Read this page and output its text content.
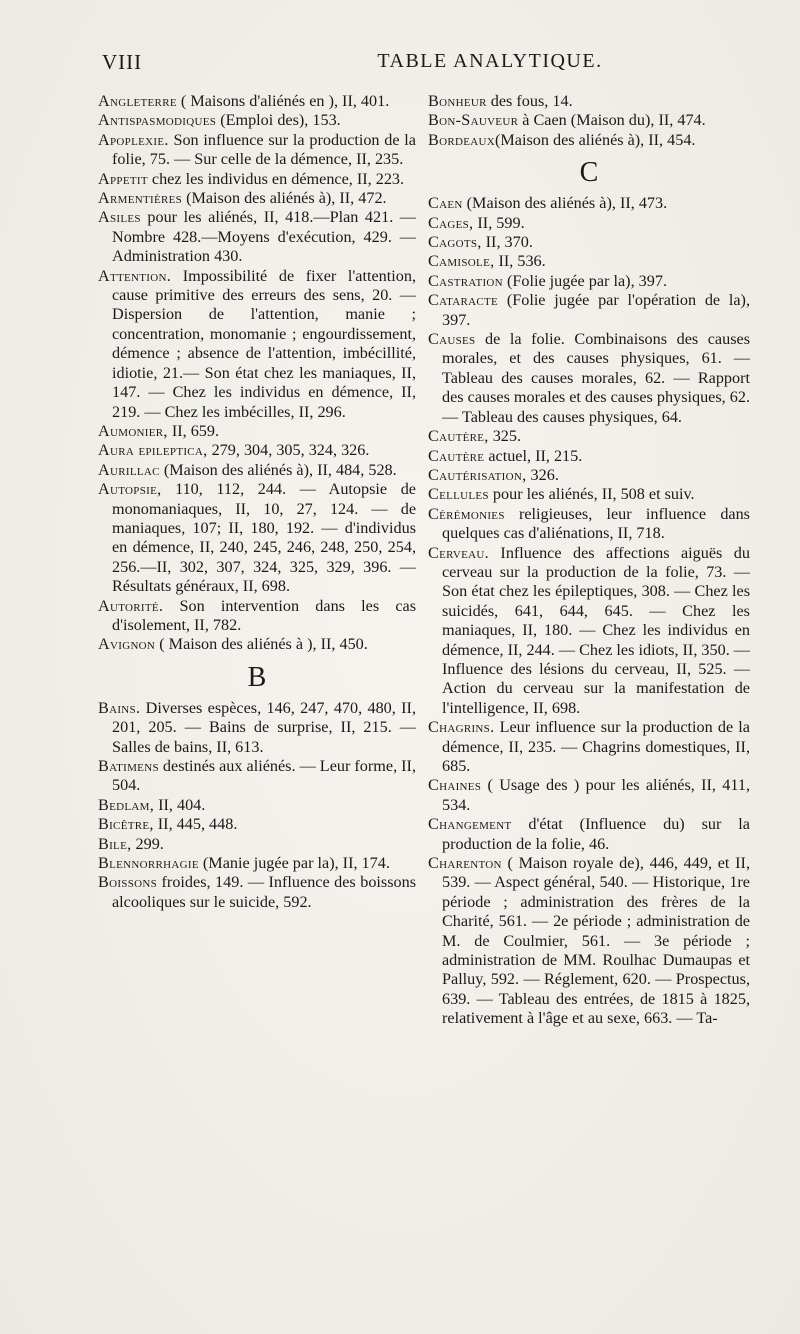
VIII	TABLE ANALYTIQUE.

Angleterre ( Maisons d'aliénés en ), II, 401.

Antispasmodiques (Emploi des), 153.

Apoplexie. Son influence sur la production de la folie, 75. — Sur celle de la démence, II, 235.

Appetit chez les individus en démence, II, 223.

Armentières (Maison des aliénés à), II, 472.

Asiles pour les aliénés, II, 418.—Plan 421. — Nombre 428.—Moyens d'exécution, 429. — Administration 430.

Attention. Impossibilité de fixer l'attention, cause primitive des erreurs des sens, 20. — Dispersion de l'attention, manie ; concentration, monomanie ; engourdissement, démence ; absence de l'attention, imbécillité, idiotie, 21.— Son état chez les maniaques, II, 147. — Chez les individus en démence, II, 219. — Chez les imbécilles, II, 296.

Aumonier, II, 659.

Aura epileptica, 279, 304, 305, 324, 326.

Aurillac (Maison des aliénés à), II, 484, 528.

Autopsie, 110, 112, 244. — Autopsie de monomaniaques, II, 10, 27, 124. — de maniaques, 107; II, 180, 192. — d'individus en démence, II, 240, 245, 246, 248, 250, 254, 256.—II, 302, 307, 324, 325, 329, 396. — Résultats généraux, II, 698.

Autorité. Son intervention dans les cas d'isolement, II, 782.

Avignon ( Maison des aliénés à ), II, 450.

B

Bains. Diverses espèces, 146, 247, 470, 480, II, 201, 205. — Bains de surprise, II, 215. — Salles de bains, II, 613.

Batimens destinés aux aliénés. — Leur forme, II, 504.

Bedlam, II, 404.

Bicêtre, II, 445, 448.

Bile, 299.

Blennorrhagie (Manie jugée par la), II, 174.

Boissons froides, 149. — Influence des boissons alcooliques sur le suicide, 592.

Bonheur des fous, 14.

Bon-Sauveur à Caen (Maison du), II, 474.

Bordeaux(Maison des aliénés à), II, 454.

C

Caen (Maison des aliénés à), II, 473.

Cages, II, 599.

Cagots, II, 370.

Camisole, II, 536.

Castration (Folie jugée par la), 397.

Cataracte (Folie jugée par l'opération de la), 397.

Causes de la folie. Combinaisons des causes morales, et des causes physiques, 61. — Tableau des causes morales, 62. — Rapport des causes morales et des causes physiques, 62. — Tableau des causes physiques, 64.

Cautère, 325.

Cautère actuel, II, 215.

Cautérisation, 326.

Cellules pour les aliénés, II, 508 et suiv.

Cérémonies religieuses, leur influence dans quelques cas d'aliénations, II, 718.

Cerveau. Influence des affections aiguës du cerveau sur la production de la folie, 73. — Son état chez les épileptiques, 308. — Chez les suicidés, 641, 644, 645. — Chez les maniaques, II, 180. — Chez les individus en démence, II, 244. — Chez les idiots, II, 350. — Influence des lésions du cerveau, II, 525. — Action du cerveau sur la manifestation de l'intelligence, II, 698.

Chagrins. Leur influence sur la production de la démence, II, 235. — Chagrins domestiques, II, 685.

Chaines ( Usage des ) pour les aliénés, II, 411, 534.

Changement d'état (Influence du) sur la production de la folie, 46.

Charenton ( Maison royale de), 446, 449, et II, 539. — Aspect général, 540. — Historique, 1re période ; administration des frères de la Charité, 561. — 2e période ; administration de M. de Coulmier, 561. — 3e période ; administration de MM. Roulhac Dumaupas et Palluy, 592. — Réglement, 620. — Prospectus, 639. — Tableau des entrées, de 1815 à 1825, relativement à l'âge et au sexe, 663. — Ta-
